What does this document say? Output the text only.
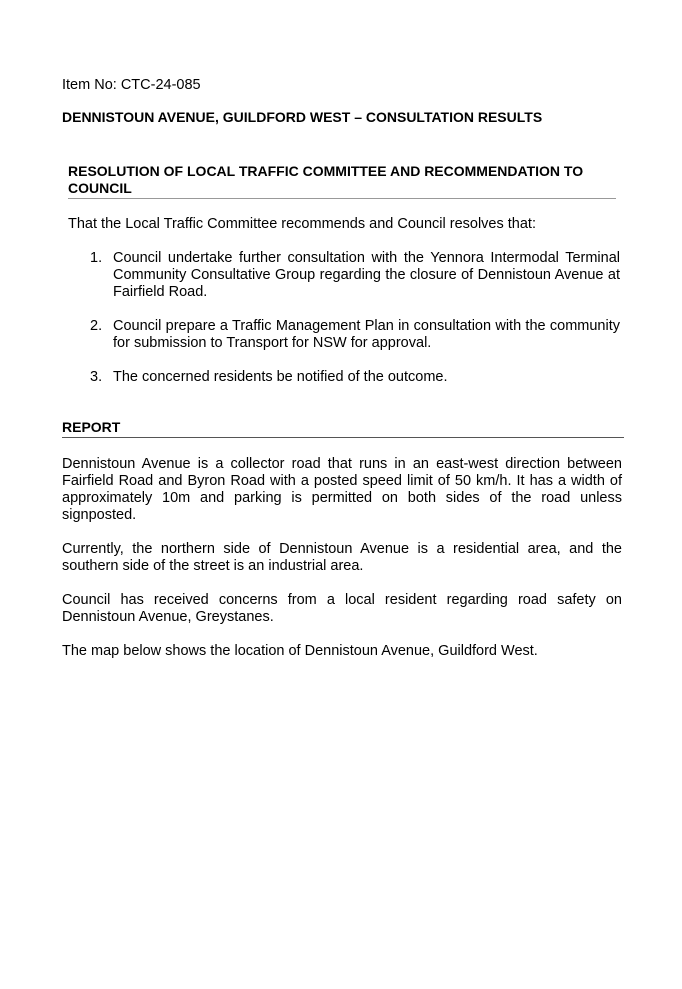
Item No: CTC-24-085
DENNISTOUN AVENUE, GUILDFORD WEST – CONSULTATION RESULTS
RESOLUTION OF LOCAL TRAFFIC COMMITTEE AND RECOMMENDATION TO COUNCIL
That the Local Traffic Committee recommends and Council resolves that:
1. Council undertake further consultation with the Yennora Intermodal Terminal Community Consultative Group regarding the closure of Dennistoun Avenue at Fairfield Road.
2. Council prepare a Traffic Management Plan in consultation with the community for submission to Transport for NSW for approval.
3. The concerned residents be notified of the outcome.
REPORT

Dennistoun Avenue is a collector road that runs in an east-west direction between Fairfield Road and Byron Road with a posted speed limit of 50 km/h. It has a width of approximately 10m and parking is permitted on both sides of the road unless signposted.

Currently, the northern side of Dennistoun Avenue is a residential area, and the southern side of the street is an industrial area.

Council has received concerns from a local resident regarding road safety on Dennistoun Avenue, Greystanes.

The map below shows the location of Dennistoun Avenue, Guildford West.
